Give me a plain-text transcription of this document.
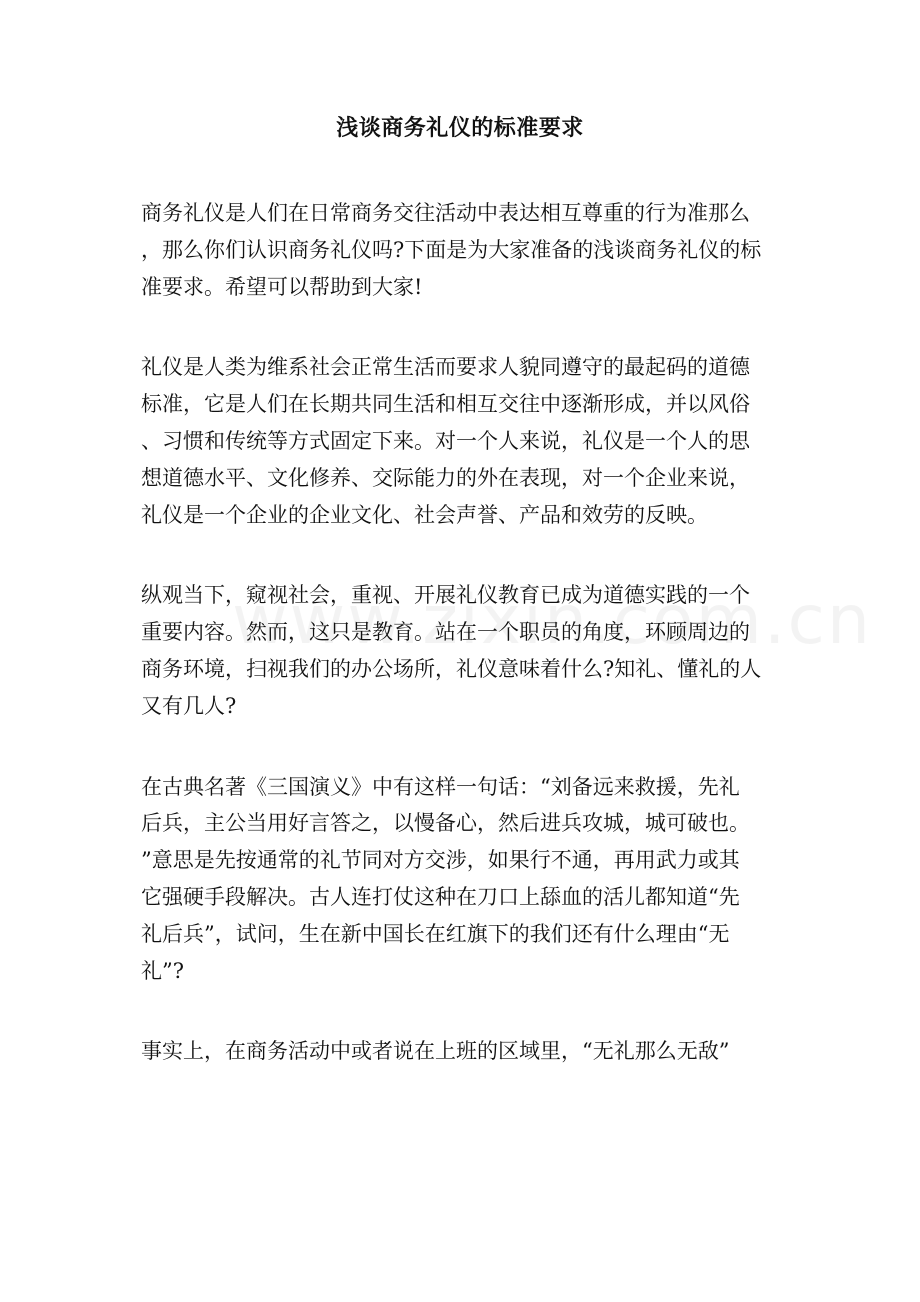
浅谈商务礼仪的标准要求

商务礼仪是人们在日常商务交往活动中表达相互尊重的行为准那么
，那么你们认识商务礼仪吗?下面是为大家准备的浅谈商务礼仪的标
准要求。希望可以帮助到大家!

礼仪是人类为维系社会正常生活而要求人貌同遵守的最起码的道德
标准，它是人们在长期共同生活和相互交往中逐渐形成，并以风俗
、习惯和传统等方式固定下来。对一个人来说，礼仪是一个人的思
想道德水平、文化修养、交际能力的外在表现，对一个企业来说，
礼仪是一个企业的企业文化、社会声誉、产品和效劳的反映。

纵观当下，窥视社会，重视、开展礼仪教育已成为道德实践的一个
重要内容。然而，这只是教育。站在一个职员的角度，环顾周边的
商务环境，扫视我们的办公场所，礼仪意味着什么?知礼、懂礼的人
又有几人?

在古典名著《三国演义》中有这样一句话：“刘备远来救援，先礼
后兵，主公当用好言答之，以慢备心，然后进兵攻城，城可破也。
”意思是先按通常的礼节同对方交涉，如果行不通，再用武力或其
它强硬手段解决。古人连打仗这种在刀口上舔血的活儿都知道“先
礼后兵”，试问，生在新中国长在红旗下的我们还有什么理由“无
礼”?

事实上，在商务活动中或者说在上班的区域里，“无礼那么无敌”
